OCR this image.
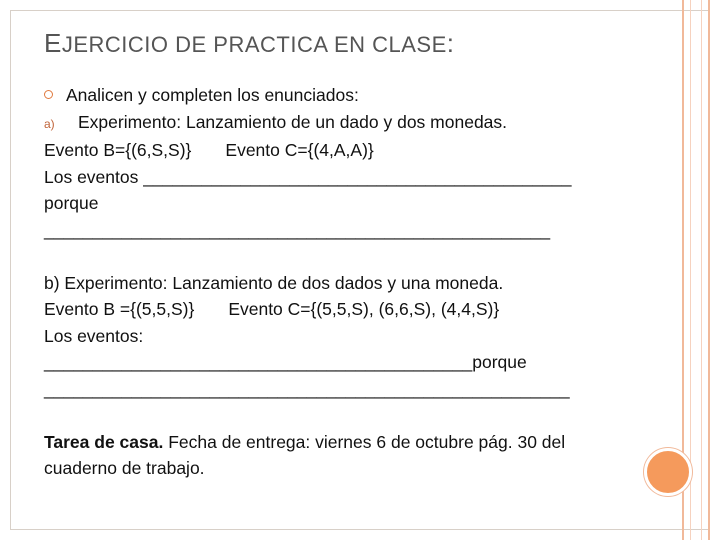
EJERCICIO DE PRACTICA EN CLASE:
Analicen y completen los enunciados:
a) Experimento: Lanzamiento de un dado y dos monedas.
Evento B={(6,S,S)} Evento C={(4,A,A)}
Los eventos ____________________________________________
porque
____________________________________________________
b) Experimento: Lanzamiento de dos dados y una moneda.
Evento B ={(5,5,S)} Evento C={(5,5,S), (6,6,S), (4,4,S)}
Los eventos:
____________________________________________porque
______________________________________________________
Tarea de casa. Fecha de entrega: viernes 6 de octubre pág. 30 del
cuaderno de trabajo.
